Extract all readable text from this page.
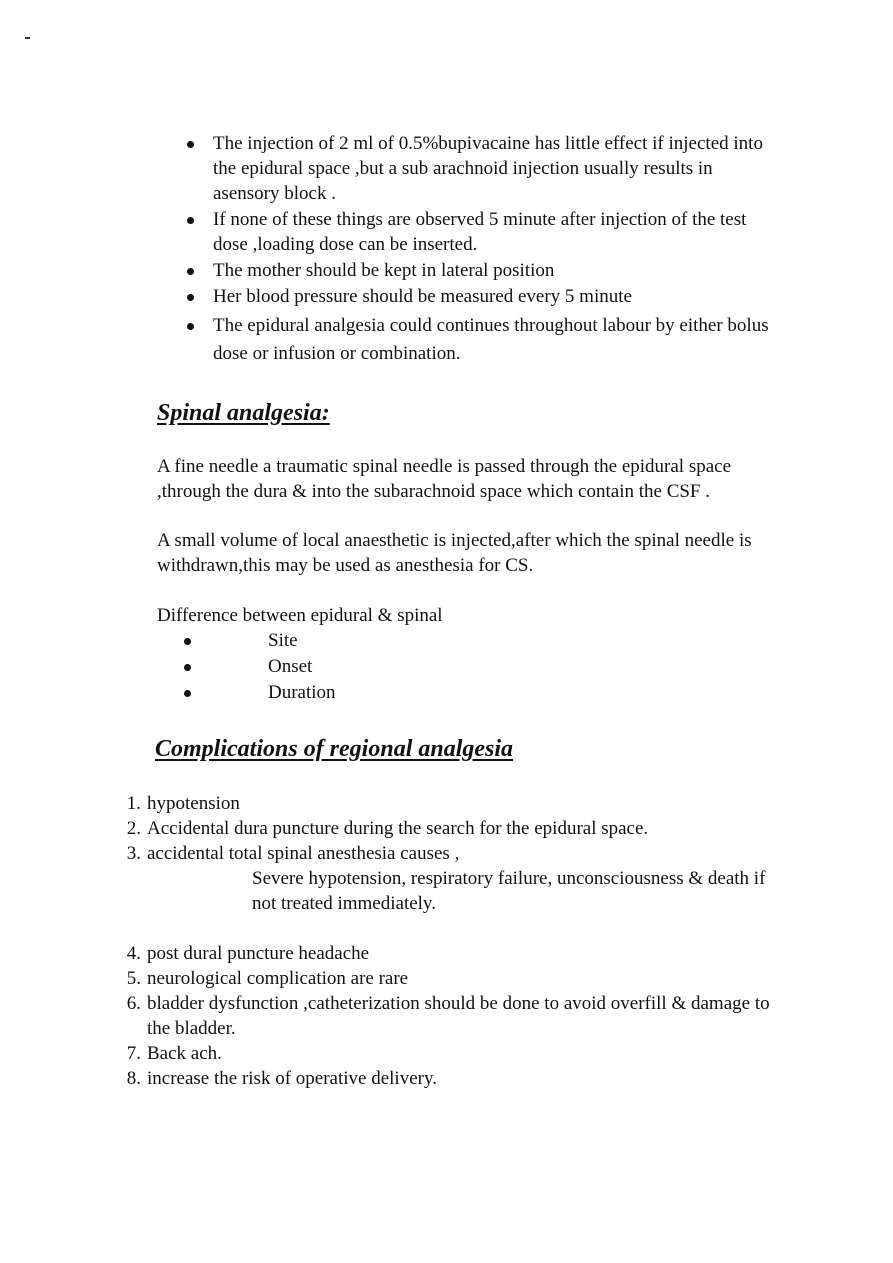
The injection of 2 ml of 0.5%bupivacaine has little effect if injected into the epidural space ,but a sub arachnoid injection usually results in asensory block .
If none of these things are observed 5 minute after injection of the test dose ,loading dose can be inserted.
The mother should be kept in lateral position
Her blood pressure should be measured every 5 minute
The epidural analgesia could continues throughout labour by either bolus dose or infusion or combination.
Spinal analgesia:

A fine needle a traumatic spinal needle is passed through the epidural space ,through the dura & into the subarachnoid space which contain the CSF .

A small volume of local anaesthetic is injected,after which the spinal needle is withdrawn,this may be used as anesthesia for CS.

Difference between epidural & spinal

Site
Onset
Duration
Complications of regional analgesia
1. hypotension
2. Accidental dura puncture during the search for the epidural space.
3. accidental total spinal anesthesia causes ,
Severe hypotension, respiratory failure, unconsciousness & death if not treated immediately.
4. post dural puncture headache
5. neurological complication are rare
6. bladder dysfunction ,catheterization should be done to avoid overfill & damage to the bladder.
7. Back ach.
8. increase the risk of operative delivery.
